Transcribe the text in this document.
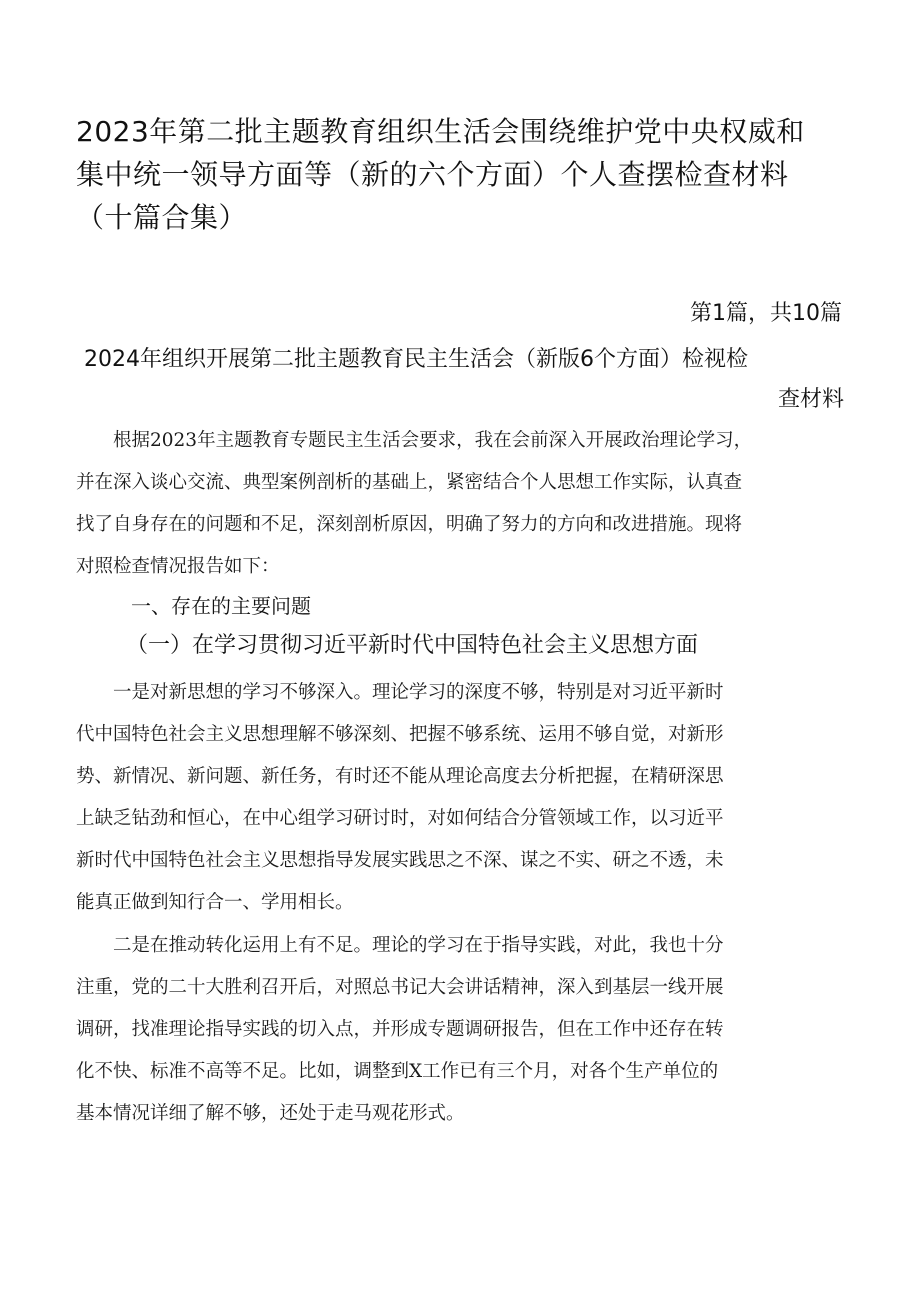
2023年第二批主题教育组织生活会围绕维护党中央权威和
集中统一领导方面等（新的六个方面）个人查摆检查材料
（十篇合集）
第1篇，共10篇
2024年组织开展第二批主题教育民主生活会（新版6个方面）检视检
查材料
　　根据2023年主题教育专题民主生活会要求，我在会前深入开展政治理论学习，
并在深入谈心交流、典型案例剖析的基础上，紧密结合个人思想工作实际，认真查
找了自身存在的问题和不足，深刻剖析原因，明确了努力的方向和改进措施。现将
对照检查情况报告如下：
一、存在的主要问题
（一）在学习贯彻习近平新时代中国特色社会主义思想方面
　　一是对新思想的学习不够深入。理论学习的深度不够，特别是对习近平新时
代中国特色社会主义思想理解不够深刻、把握不够系统、运用不够自觉，对新形
势、新情况、新问题、新任务，有时还不能从理论高度去分析把握，在精研深思
上缺乏钻劲和恒心，在中心组学习研讨时，对如何结合分管领域工作，以习近平
新时代中国特色社会主义思想指导发展实践思之不深、谋之不实、研之不透，未
能真正做到知行合一、学用相长。
　　二是在推动转化运用上有不足。理论的学习在于指导实践，对此，我也十分
注重，党的二十大胜利召开后，对照总书记大会讲话精神，深入到基层一线开展
调研，找准理论指导实践的切入点，并形成专题调研报告，但在工作中还存在转
化不快、标准不高等不足。比如，调整到X工作已有三个月，对各个生产单位的
基本情况详细了解不够，还处于走马观花形式。
